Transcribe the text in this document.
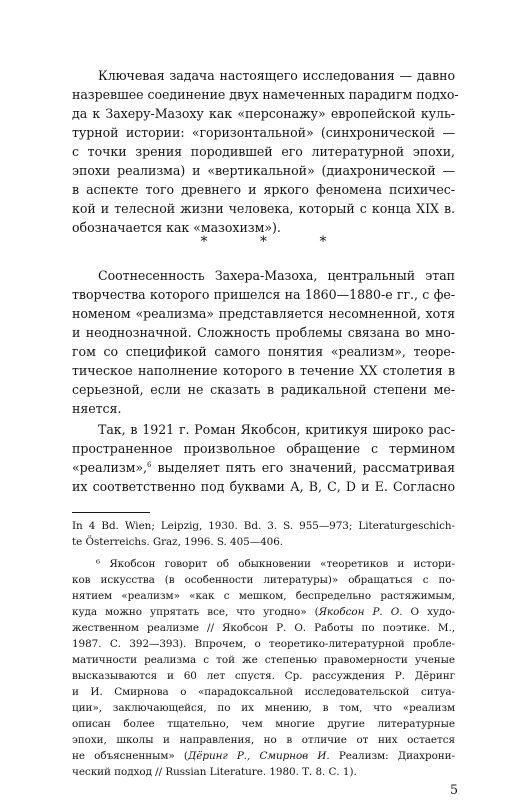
Ключевая задача настоящего исследования — давно
назревшее соединение двух намеченных парадигм подхо-
да к Захеру-Мазоху как «персонажу» европейской куль-
турной истории: «горизонтальной» (синхронической —
с точки зрения породившей его литературной эпохи,
эпохи реализма) и «вертикальной» (диахронической —
в аспекте того древнего и яркого феномена психичес-
кой и телесной жизни человека, который с конца XIX в.
обозначается как «мазохизм»).
* * *
Соотнесенность Захера-Мазоха, центральный этап
творчества которого пришелся на 1860—1880-е гг., с фе-
номеном «реализма» представляется несомненной, хотя
и неоднозначной. Сложность проблемы связана во мно-
гом со спецификой самого понятия «реализм», теоре-
тическое наполнение которого в течение XX столетия в
серьезной, если не сказать в радикальной степени ме-
няется.
Так, в 1921 г. Роман Якобсон, критикуя широко рас-
пространенное произвольное обращение с термином
«реализм»,$^6$ выделяет пять его значений, рассматривая
их соответственно под буквами А, В, С, D и Е. Согласно
In 4 Bd. Wien; Leipzig, 1930. Bd. 3. S. 955—973; Literaturgeschich-
te Österreichs. Graz, 1996. S. 405—406.
⁶ Якобсон говорит об обыкновении «теоретиков и истори-
ков искусства (в особенности литературы)» обращаться с по-
нятием «реализм» «как с мешком, беспредельно растяжимым,
куда можно упрятать все, что угодно» (Якобсон Р. О. О худо-
жественном реализме // Якобсон Р. О. Работы по поэтике. М.,
1987. С. 392—393). Впрочем, о теоретико-литературной пробле-
матичности реализма с той же степенью правомерности ученые
высказываются и 60 лет спустя. Ср. рассуждения Р. Дёринг
и И. Смирнова о «парадоксальной исследовательской ситуа-
ции», заключающейся, по их мнению, в том, что «реализм
описан более тщательно, чем многие другие литературные
эпохи, школы и направления, но в отличие от них остается
не объясненным» (Дёринг Р., Смирнов И. Реализм: Диахрони-
ческий подход // Russian Literature. 1980. Т. 8. С. 1).
5
